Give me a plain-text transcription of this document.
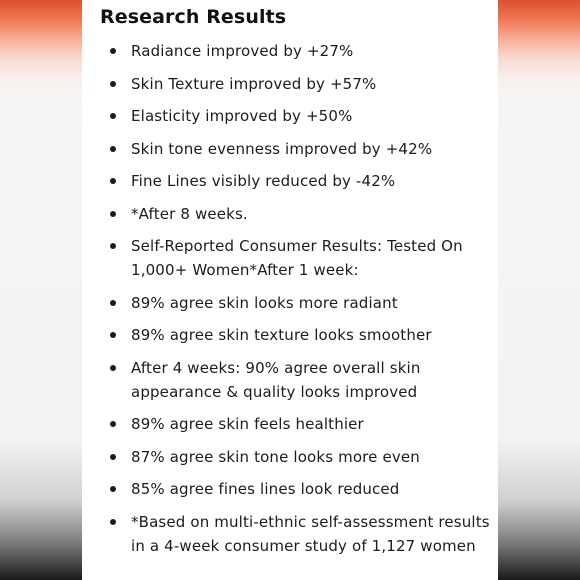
Research Results
Radiance improved by +27%
Skin Texture improved by +57%
Elasticity improved by +50%
Skin tone evenness improved by +42%
Fine Lines visibly reduced by -42%
*After 8 weeks.
Self-Reported Consumer Results: Tested On 1,000+ Women*After 1 week:
89% agree skin looks more radiant
89% agree skin texture looks smoother
After 4 weeks: 90% agree overall skin appearance & quality looks improved
89% agree skin feels healthier
87% agree skin tone looks more even
85% agree fines lines look reduced
*Based on multi-ethnic self-assessment results in a 4-week consumer study of 1,127 women
